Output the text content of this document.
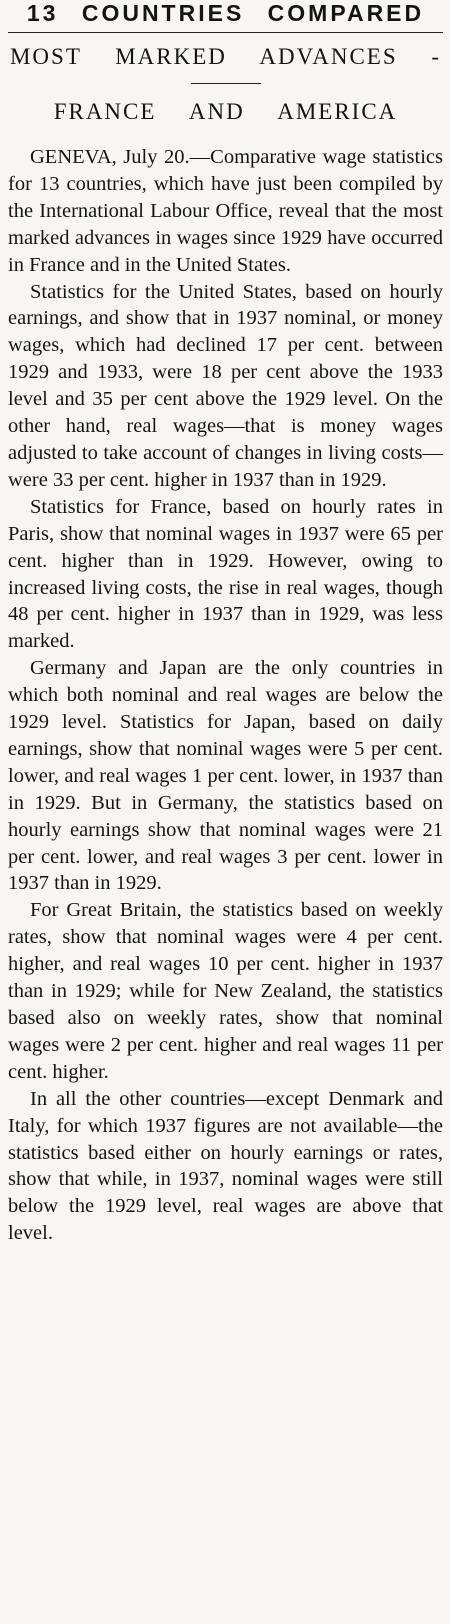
13 COUNTRIES COMPARED
MOST MARKED ADVANCES -
FRANCE AND AMERICA

GENEVA, July 20.—Comparative wage statistics for 13 countries, which have just been compiled by the International Labour Office, reveal that the most marked advances in wages since 1929 have occurred in France and in the United States.

Statistics for the United States, based on hourly earnings, and show that in 1937 nominal, or money wages, which had declined 17 per cent. between 1929 and 1933, were 18 per cent above the 1933 level and 35 per cent above the 1929 level. On the other hand, real wages—that is money wages adjusted to take account of changes in living costs—were 33 per cent. higher in 1937 than in 1929.

Statistics for France, based on hourly rates in Paris, show that nominal wages in 1937 were 65 per cent. higher than in 1929. However, owing to increased living costs, the rise in real wages, though 48 per cent. higher in 1937 than in 1929, was less marked.

Germany and Japan are the only countries in which both nominal and real wages are below the 1929 level. Statistics for Japan, based on daily earnings, show that nominal wages were 5 per cent. lower, and real wages 1 per cent. lower, in 1937 than in 1929. But in Germany, the statistics based on hourly earnings show that nominal wages were 21 per cent. lower, and real wages 3 per cent. lower in 1937 than in 1929.

For Great Britain, the statistics based on weekly rates, show that nominal wages were 4 per cent. higher, and real wages 10 per cent. higher in 1937 than in 1929; while for New Zealand, the statistics based also on weekly rates, show that nominal wages were 2 per cent. higher and real wages 11 per cent. higher.

In all the other countries—except Denmark and Italy, for which 1937 figures are not available—the statistics based either on hourly earnings or rates, show that while, in 1937, nominal wages were still below the 1929 level, real wages are above that level.
